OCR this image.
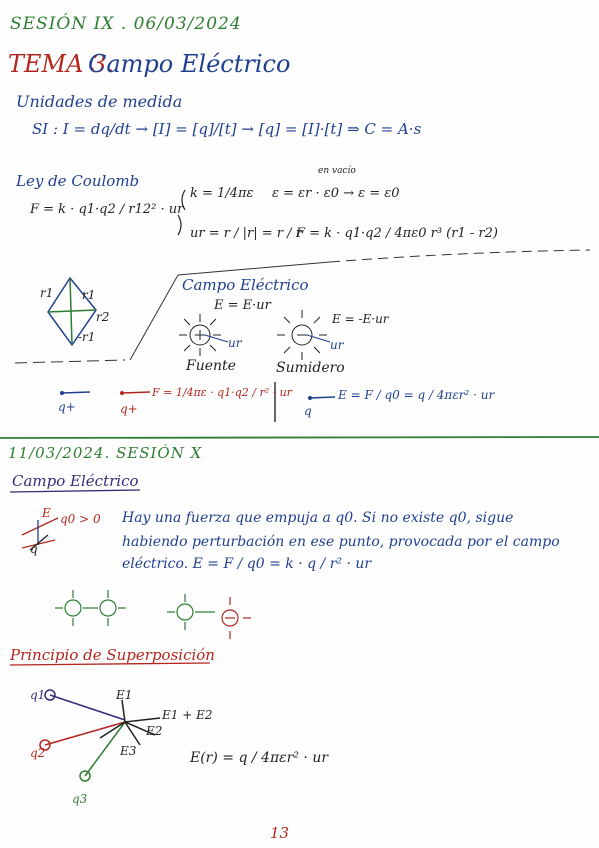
SESIÓN IX . 06/03/2024
TEMA 3.
Campo Eléctrico
Unidades de medida
SI : I = dq/dt → [I] = [q]/[t] → [q] = [I]·[t] ⇒ C = A·s
Ley de Coulomb
F = k · q1·q2 / r12² · ur
k = 1/4πε ε = εr · ε0 → ε = ε0
en vacío
ur = r / |r| = r / r
F = k · q1·q2 / 4πε0 r³ (r1 - r2)
r1 r1
r2
-r1
Campo Eléctrico
E = E·ur
E = -E·ur
ur	ur
Fuente	Sumidero
q+	q+
F = 1/4πε · q1·q2 / r² · ur
q
E = F / q0 = q / 4πεr² · ur
11/03/2024. SESIÓN X
Campo Eléctrico
E q0 > 0
q
Hay una fuerza que empuja a q0. Si no existe q0, sigue
habiendo perturbación en ese punto, provocada por el campo
eléctrico. E = F / q0 = k · q / r² · ur
Principio de Superposición
q1
q2
q3
E1
E2
E3
E1 + E2
E(r) = q / 4πεr² · ur
13
